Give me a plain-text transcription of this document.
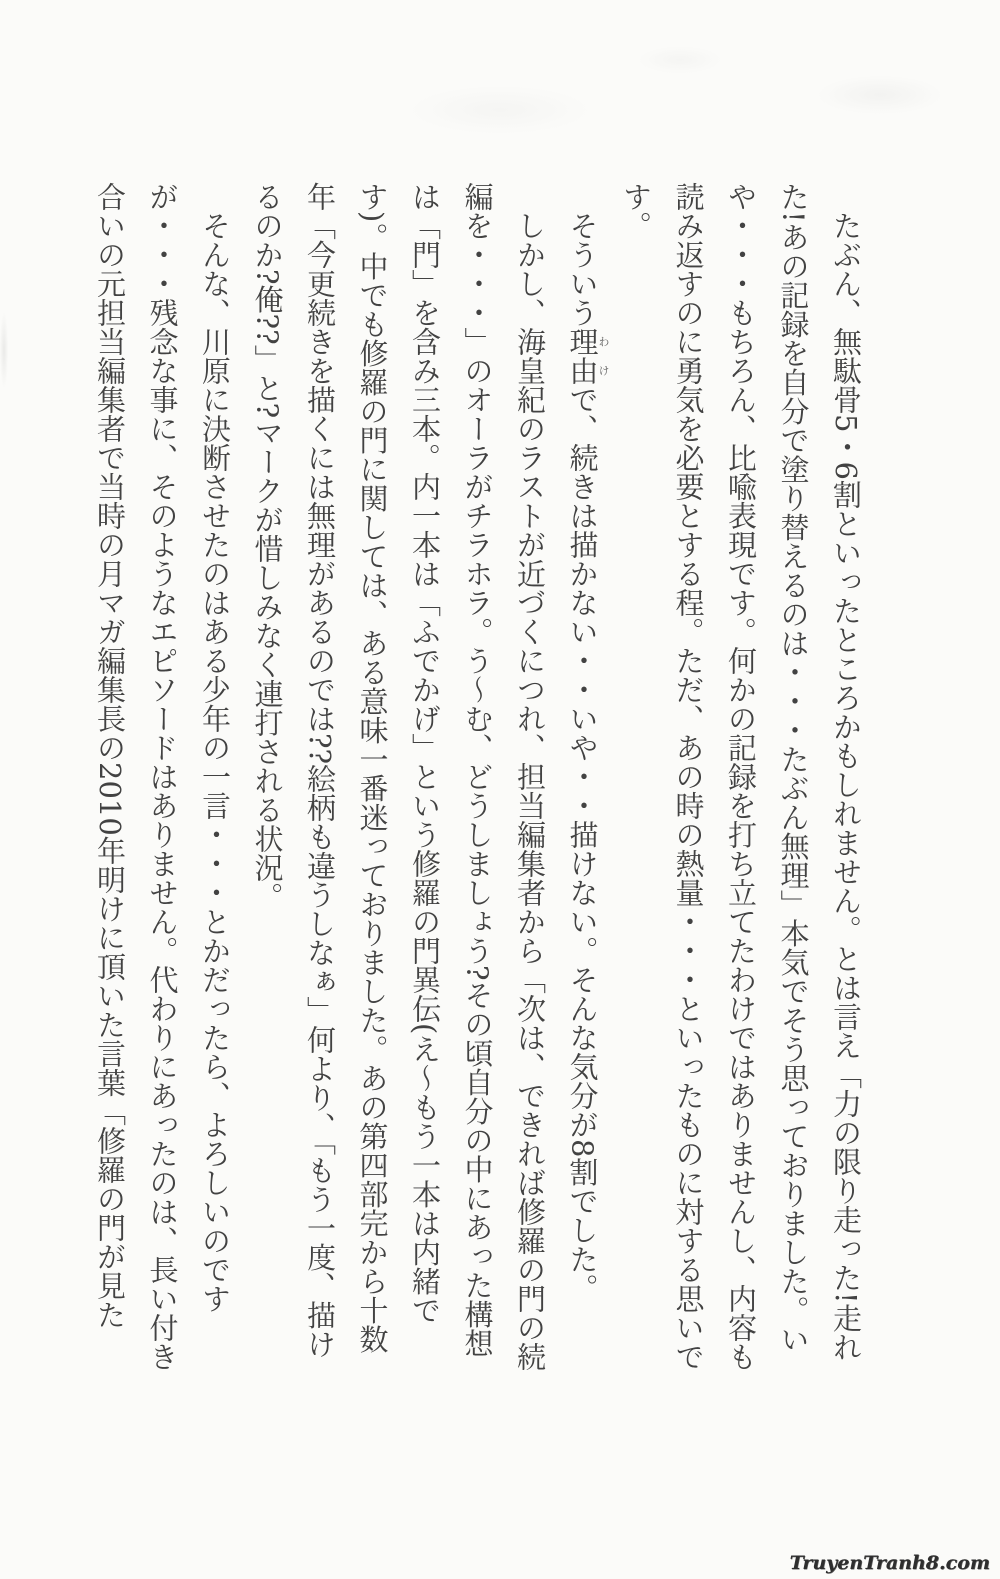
たぶん、無駄骨5・6割といったところかもしれません。とは言え「力の限り走った!走れた!あの記録を自分で塗り替えるのは・・・たぶん無理」本気でそう思っておりました。いや・・・もちろん、比喩表現です。何かの記録を打ち立てたわけではありませんし、内容も読み返すのに勇気を必要とする程。ただ、あの時の熱量・・・といったものに対する思いです。

そういう理由わけで、続きは描かない・・いや・・描けない。そんな気分が8割でした。

しかし、海皇紀のラストが近づくにつれ、担当編集者から「次は、できれば修羅の門の続編を・・・」のオーラがチラホラ。う〜む、どうしましょう?その頃自分の中にあった構想は「門」を含み三本。内一本は「ふでかげ」という修羅の門異伝(え〜もう一本は内緒です)。中でも修羅の門に関しては、ある意味一番迷っておりました。あの第四部完から十数年「今更続きを描くには無理があるのでは??絵柄も違うしなぁ」何より、「もう一度、描けるのか?俺??」と?マークが惜しみなく連打される状況。

そんな、川原に決断させたのはある少年の一言・・・とかだったら、よろしいのですが・・・残念な事に、そのようなエピソードはありません。代わりにあったのは、長い付き合いの元担当編集者で当時の月マガ編集長の2010年明けに頂いた言葉「修羅の門が見た

TruyenTranh8.com
